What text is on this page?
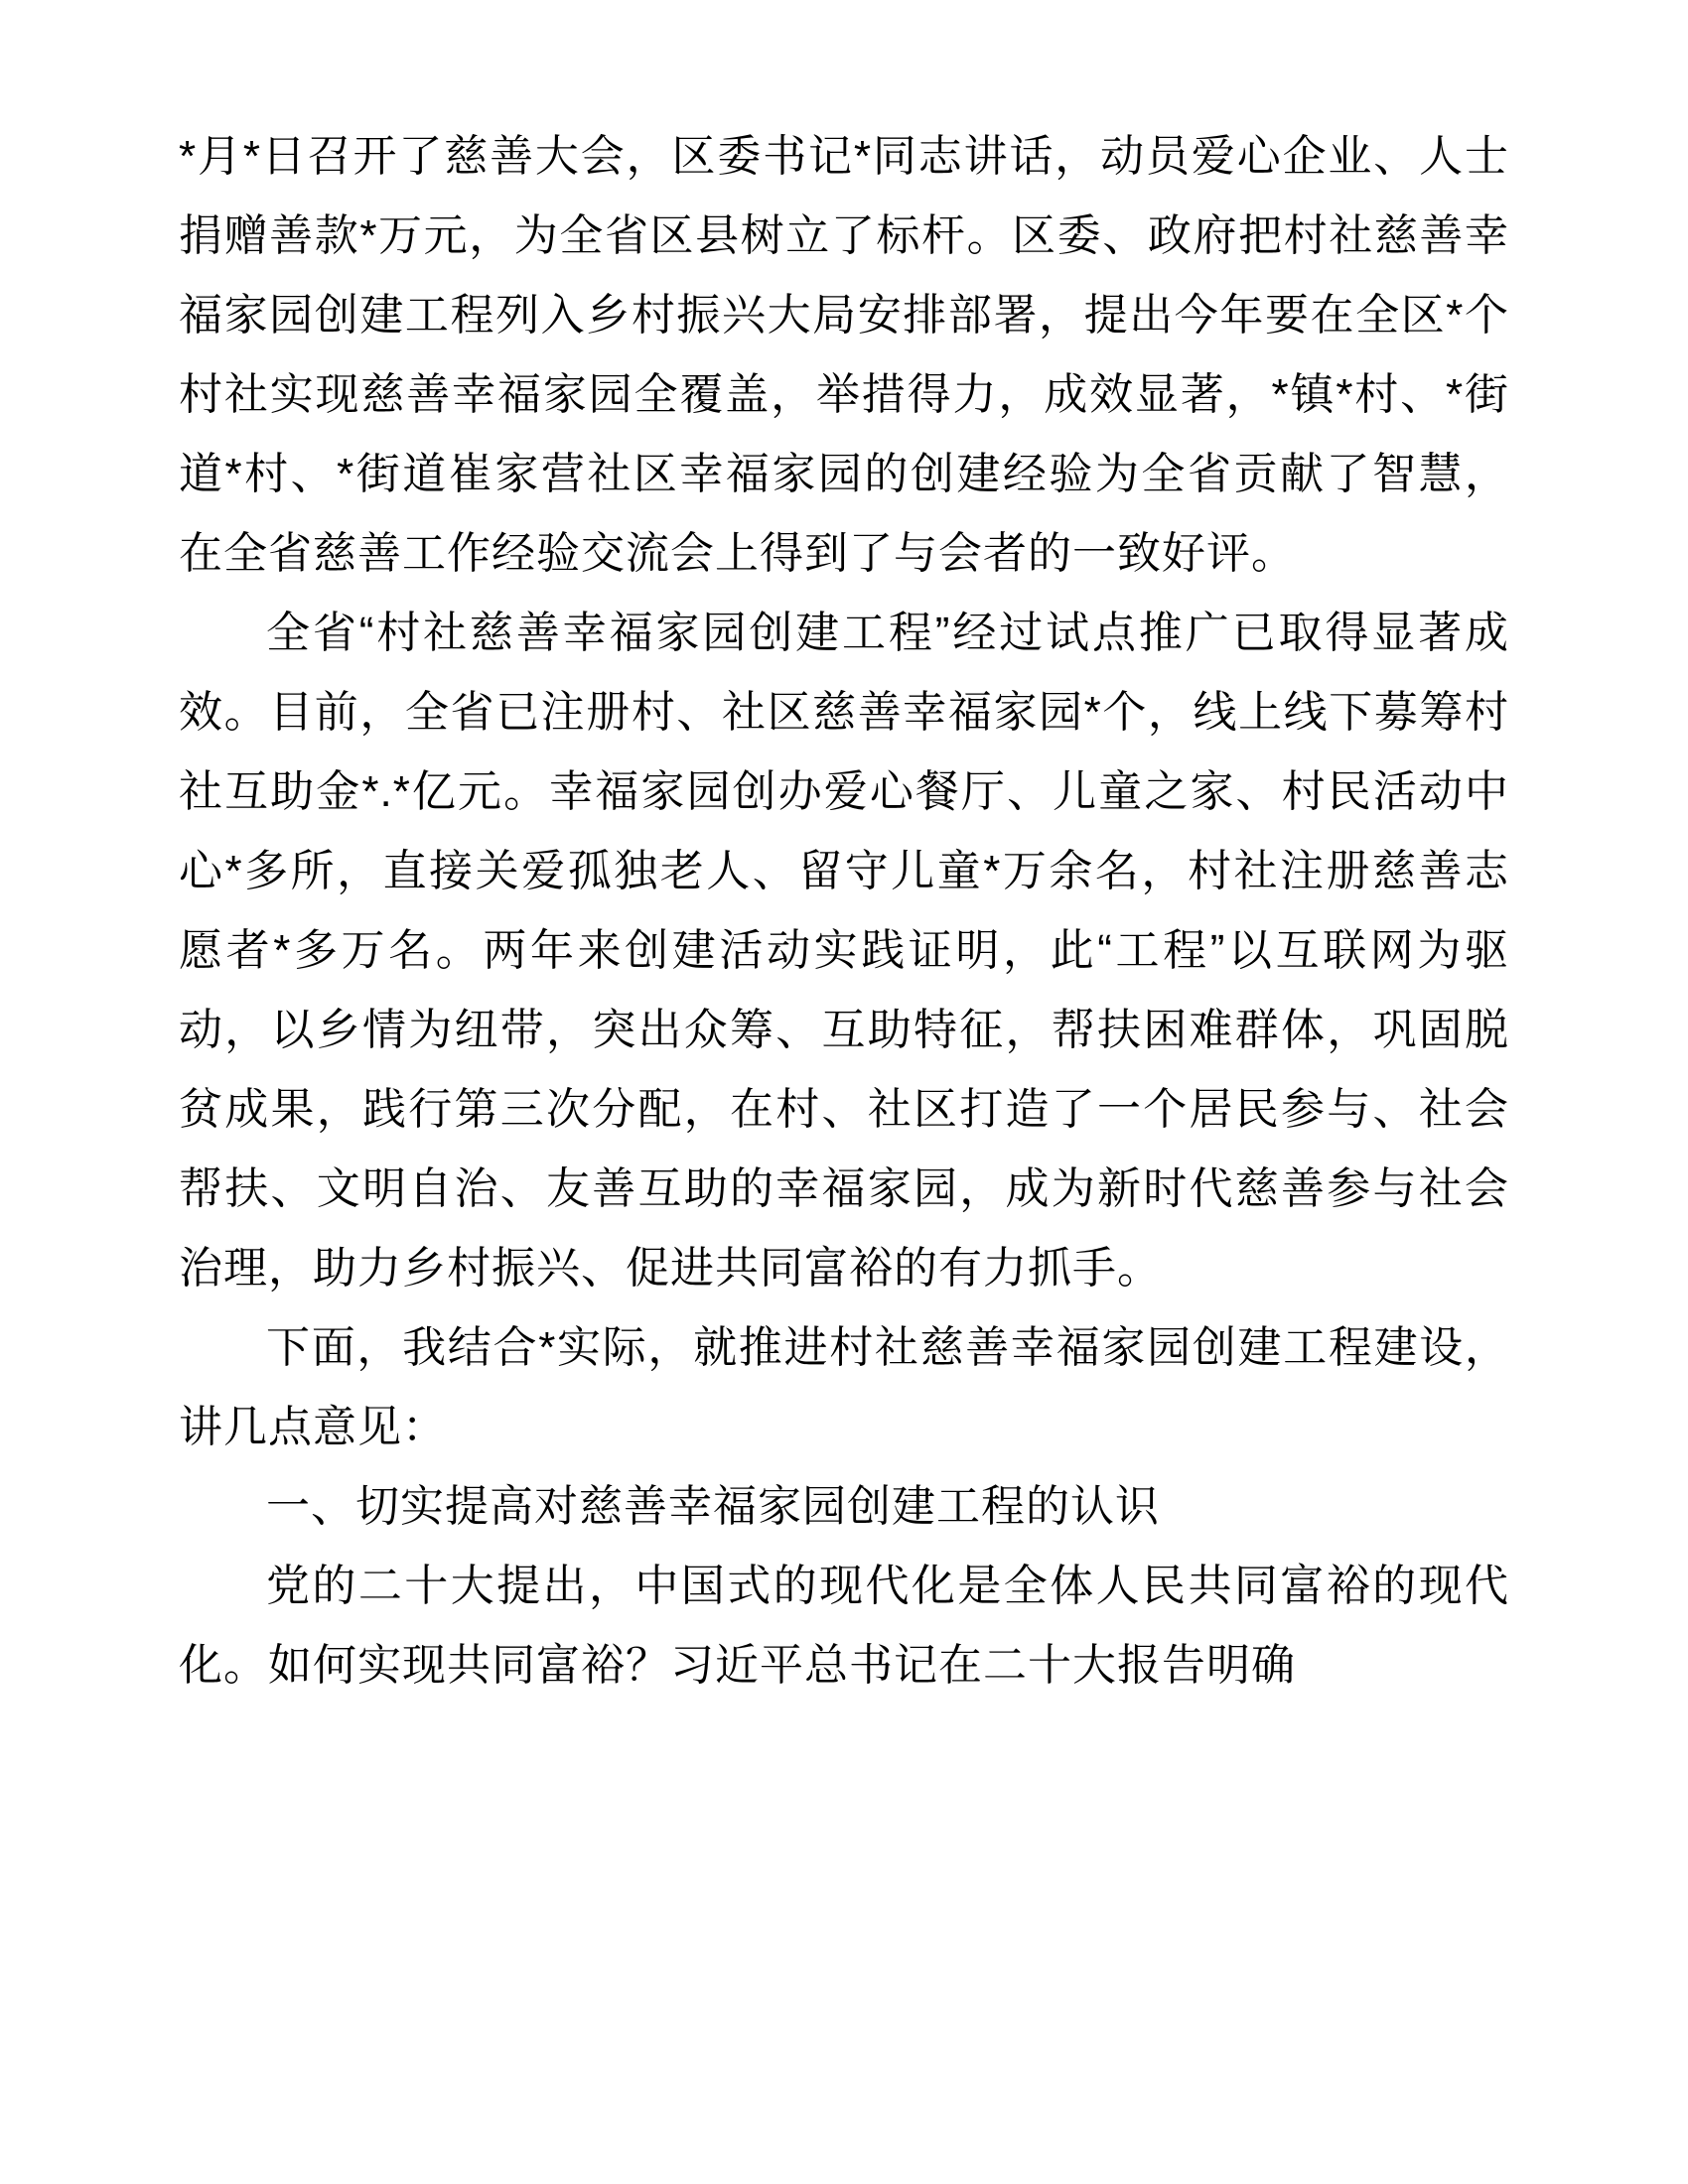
*月*日召开了慈善大会，区委书记*同志讲话，动员爱心企业、人士捐赠善款*万元，为全省区县树立了标杆。区委、政府把村社慈善幸福家园创建工程列入乡村振兴大局安排部署，提出今年要在全区*个村社实现慈善幸福家园全覆盖，举措得力，成效显著，*镇*村、*街道*村、*街道崔家营社区幸福家园的创建经验为全省贡献了智慧，在全省慈善工作经验交流会上得到了与会者的一致好评。

全省“村社慈善幸福家园创建工程”经过试点推广已取得显著成效。目前，全省已注册村、社区慈善幸福家园*个，线上线下募筹村社互助金*.*亿元。幸福家园创办爱心餐厅、儿童之家、村民活动中心*多所，直接关爱孤独老人、留守儿童*万余名，村社注册慈善志愿者*多万名。两年来创建活动实践证明，此“工程”以互联网为驱动，以乡情为纽带，突出众筹、互助特征，帮扶困难群体，巩固脱贫成果，践行第三次分配，在村、社区打造了一个居民参与、社会帮扶、文明自治、友善互助的幸福家园，成为新时代慈善参与社会治理，助力乡村振兴、促进共同富裕的有力抓手。

下面，我结合*实际，就推进村社慈善幸福家园创建工程建设，讲几点意见：

一、切实提高对慈善幸福家园创建工程的认识

党的二十大提出，中国式的现代化是全体人民共同富裕的现代化。如何实现共同富裕？习近平总书记在二十大报告明确
